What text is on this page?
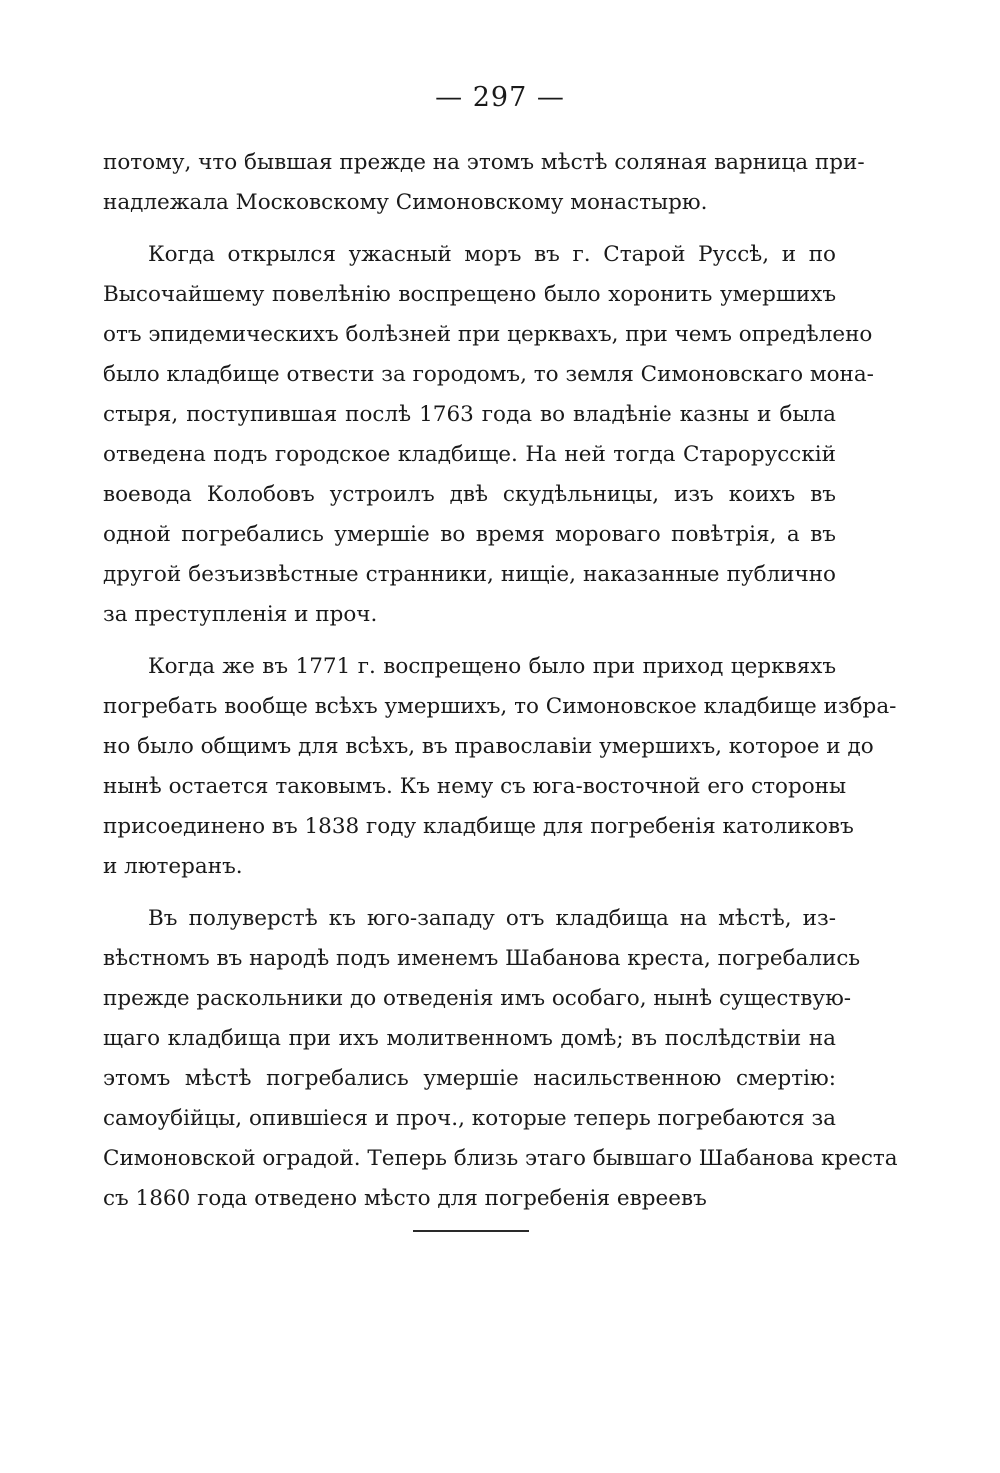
— 297 —
потому, что бывшая прежде на этомъ мѣстѣ соляная варница при-
надлежала Московскому Симоновскому монастырю.
Когда открылся ужасный моръ въ г. Старой Руссѣ, и по
Высочайшему повелѣнію воспрещено было хоронить умершихъ
отъ эпидемическихъ болѣзней при церквахъ, при чемъ опредѣлено
было кладбище отвести за городомъ, то земля Симоновскаго мона-
стыря, поступившая послѣ 1763 года во владѣніе казны и была
отведена подъ городское кладбище. На ней тогда Старорусскій
воевода Колобовъ устроилъ двѣ скудѣльницы, изъ коихъ въ
одной погребались умершіе во время мороваго повѣтрія, а въ
другой безъизвѣстные странники, нищіе, наказанные публично
за преступленія и проч.
Когда же въ 1771 г. воспрещено было при приход церквяхъ
погребать вообще всѣхъ умершихъ, то Симоновское кладбище избра-
но было общимъ для всѣхъ, въ православіи умершихъ, которое и до
нынѣ остается таковымъ. Къ нему съ юга-восточной его стороны
присоединено въ 1838 году кладбище для погребенія католиковъ
и лютеранъ.
Въ полуверстѣ къ юго-западу отъ кладбища на мѣстѣ, из-
вѣстномъ въ народѣ подъ именемъ Шабанова креста, погребались
прежде раскольники до отведенія имъ особаго, нынѣ существую-
щаго кладбища при ихъ молитвенномъ домѣ; въ послѣдствіи на
этомъ мѣстѣ погребались умершіе насильственною смертію:
самоубійцы, опившіеся и проч., которые теперь погребаются за
Симоновской оградой. Теперь близь этаго бывшаго Шабанова креста
съ 1860 года отведено мѣсто для погребенія евреевъ
